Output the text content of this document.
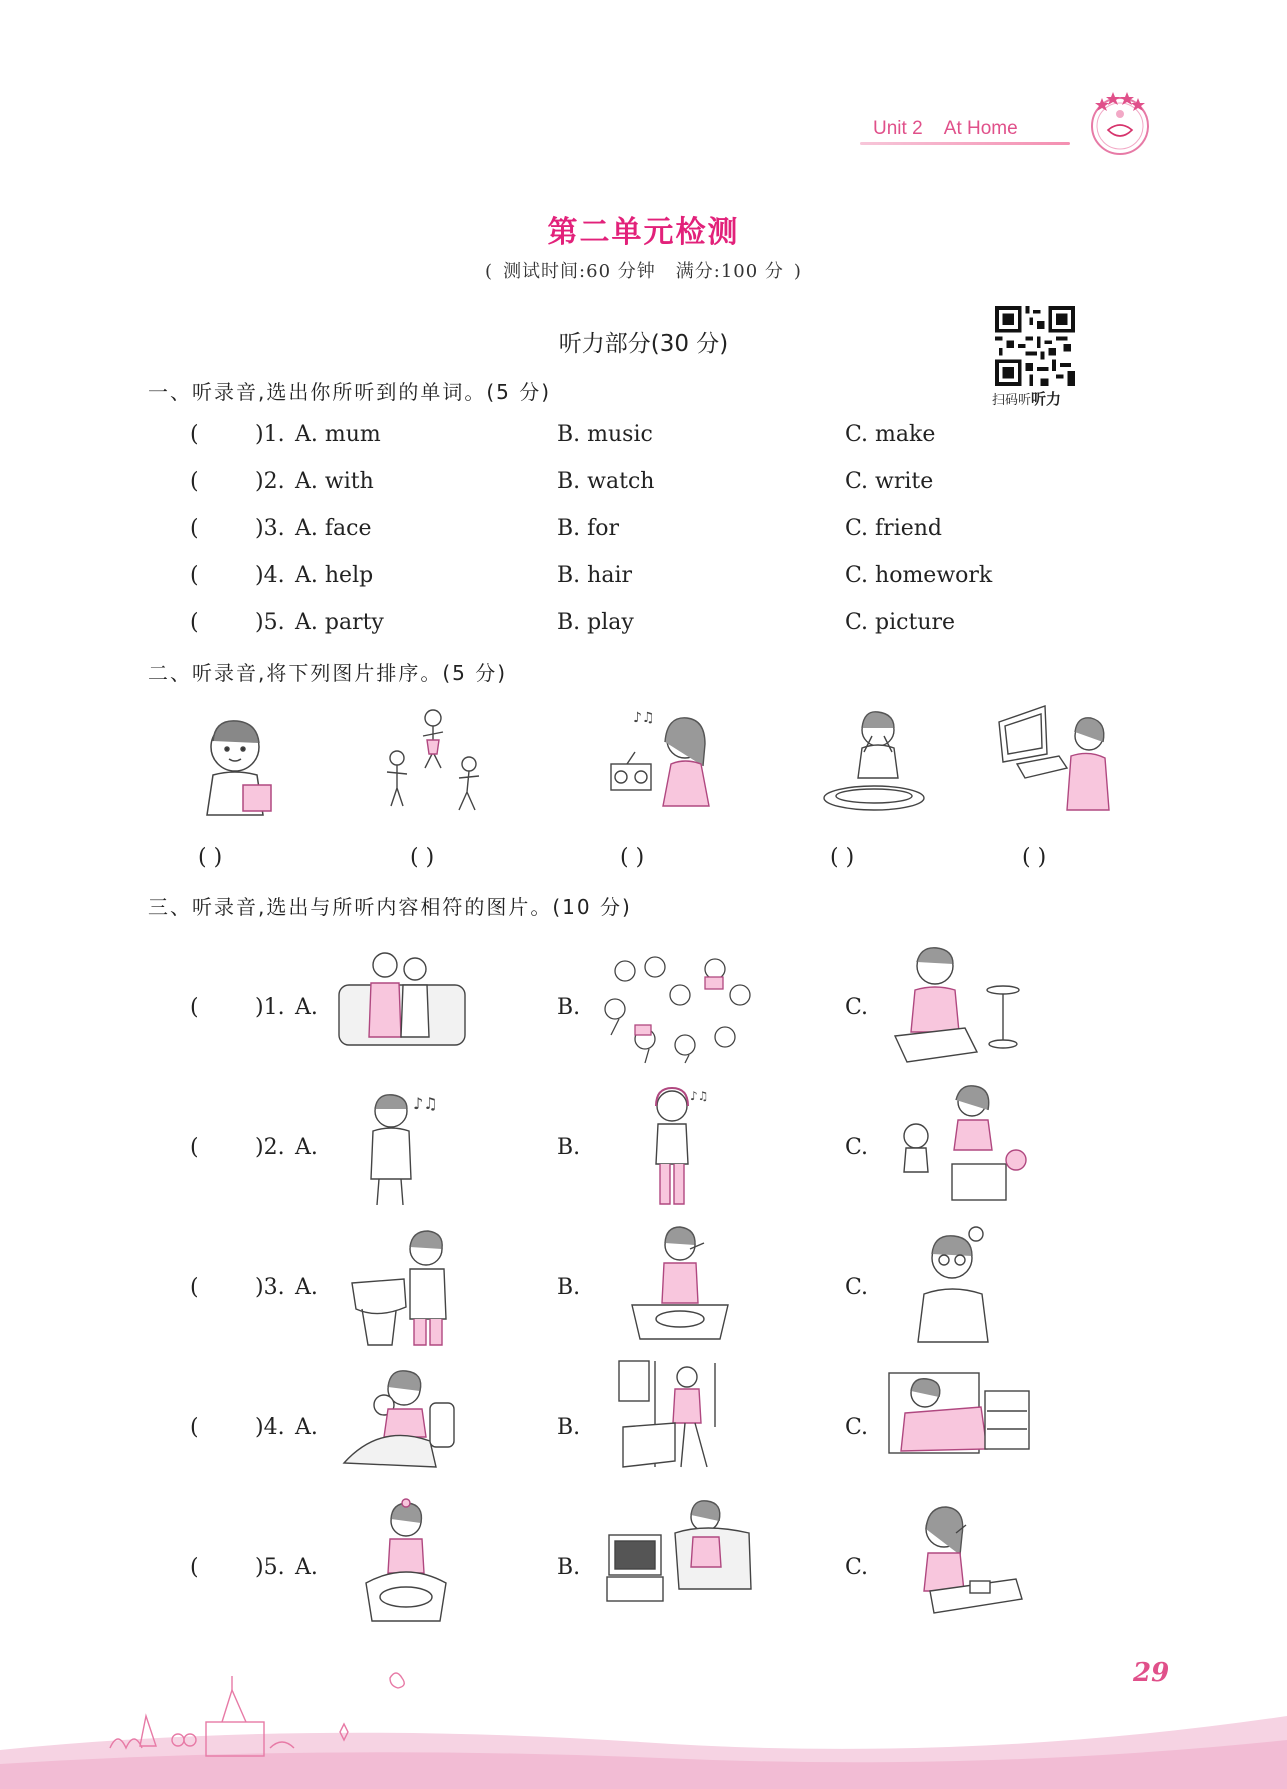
Unit 2 At Home
第二单元检测
( 测试时间:60 分钟 满分:100 分 )
听力部分(30 分)
扫码听听力
一、听录音,选出你所听到的单词。(5 分)
(	)1. A. mum	B. music	C. make
(	)2. A. with	B. watch	C. write
(	)3. A. face	B. for	C. friend
(	)4. A. help	B. hair	C. homework
(	)5. A. party	B. play	C. picture
二、听录音,将下列图片排序。(5 分)
♪♫
( )	( )	( )	( )	( )
三、听录音,选出与所听内容相符的图片。(10 分)
(	)1. A.	B.	C.
(	)2. A.	B.	C.
♪♫	♪♫
(	)3. A.	B.	C.
(	)4. A.	B.	C.
(	)5. A.	B.	C.
29
